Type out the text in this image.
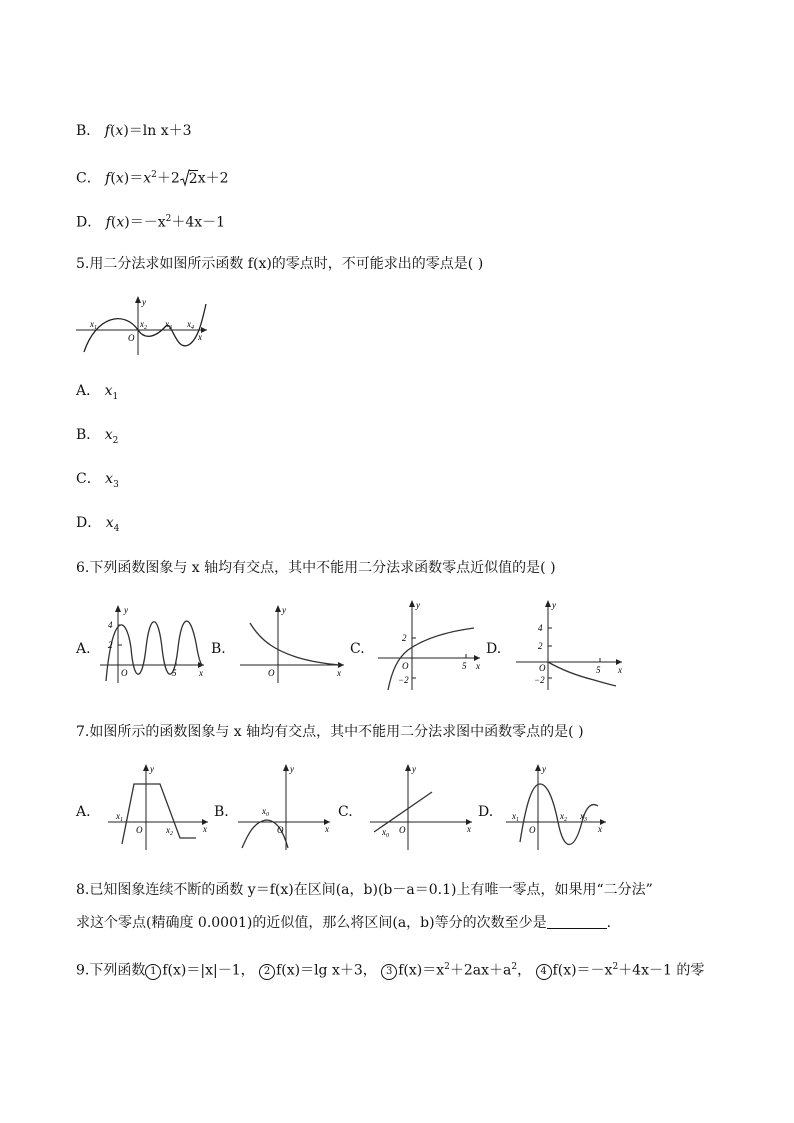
B． f(x)＝ln x＋3
C． $f(x)=x^2+2$ 2x＋2
D． $f(x)=-x^2+4x-1$
5.用二分法求如图所示函数 f(x)的零点时，不可能求出的零点是( )
y
O	x
$x_1$	$x_2$ $x_3$ $x_4$
A． $x_1$
B． $x_2$
C． $x_3$
D． $x_4$
6.下列函数图象与 x 轴均有交点，其中不能用二分法求函数零点近似值的是( )
A.
y
4
2
O	5	x
B.
y
O	x
C.
y
2
O
−2
5 x
D.
y
4
2
O	5
−2
x
7.如图所示的函数图象与 x 轴均有交点，其中不能用二分法求图中函数零点的是( )
A.
y
$x_1$
O	$x_2$	x
B.
y
$x_0$
O	x
C.
y
$x_0$
O	x
D.
y
$x_1$
O
$x_2$ $x_3$
x
8.已知图象连续不断的函数 y＝f(x)在区间(a，b)(b－a＝0.1)上有唯一零点，如果用“二分法”
求这个零点(精确度 0.0001)的近似值，那么将区间(a，b)等分的次数至少是	.
9.下列函数 1 f(x)＝|x|－1， 2 f(x)＝lg x＋3， 3 $f(x)=x^2+2ax+a^2$， 4 $f(x)=-x^2+4x-1$ 的零
